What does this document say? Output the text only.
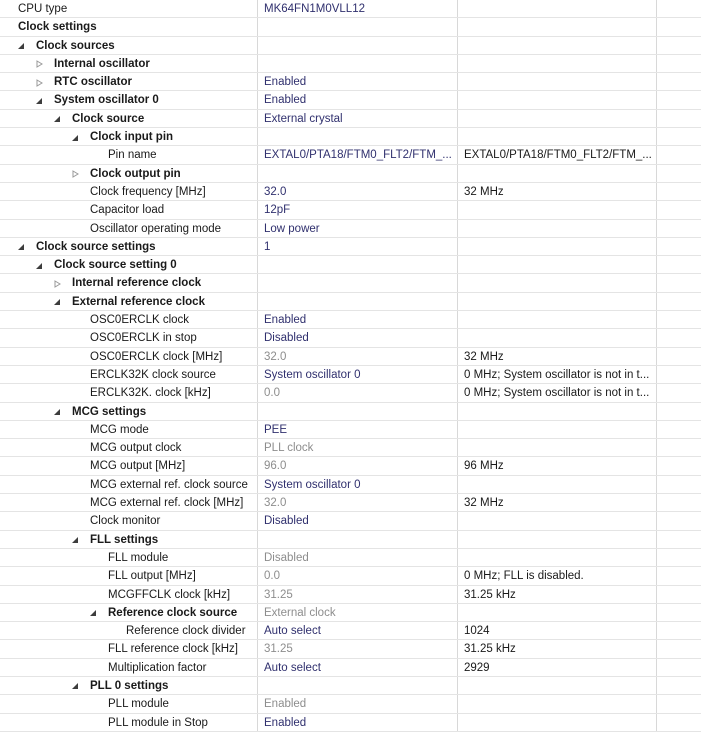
CPU type	MK64FN1M0VLL12
Clock settings
Clock sources
Internal oscillator
RTC oscillator	Enabled
System oscillator 0	Enabled
Clock source	External crystal
Clock input pin
Pin name	EXTAL0/PTA18/FTM0_FLT2/FTM_...	EXTAL0/PTA18/FTM0_FLT2/FTM_...
Clock output pin
Clock frequency [MHz]	32.0	32 MHz
Capacitor load	12pF
Oscillator operating mode	Low power
Clock source settings	1
Clock source setting 0
Internal reference clock
External reference clock
OSC0ERCLK clock	Enabled
OSC0ERCLK in stop	Disabled
OSC0ERCLK clock [MHz]	32.0	32 MHz
ERCLK32K clock source	System oscillator 0	0 MHz; System oscillator is not in t...
ERCLK32K. clock [kHz]	0.0	0 MHz; System oscillator is not in t...
MCG settings
MCG mode	PEE
MCG output clock	PLL clock
MCG output [MHz]	96.0	96 MHz
MCG external ref. clock source	System oscillator 0
MCG external ref. clock [MHz]	32.0	32 MHz
Clock monitor	Disabled
FLL settings
FLL module	Disabled
FLL output [MHz]	0.0	0 MHz; FLL is disabled.
MCGFFCLK clock [kHz]	31.25	31.25 kHz
Reference clock source	External clock
Reference clock divider	Auto select	1024
FLL reference clock [kHz]	31.25	31.25 kHz
Multiplication factor	Auto select	2929
PLL 0 settings
PLL module	Enabled
PLL module in Stop	Enabled
